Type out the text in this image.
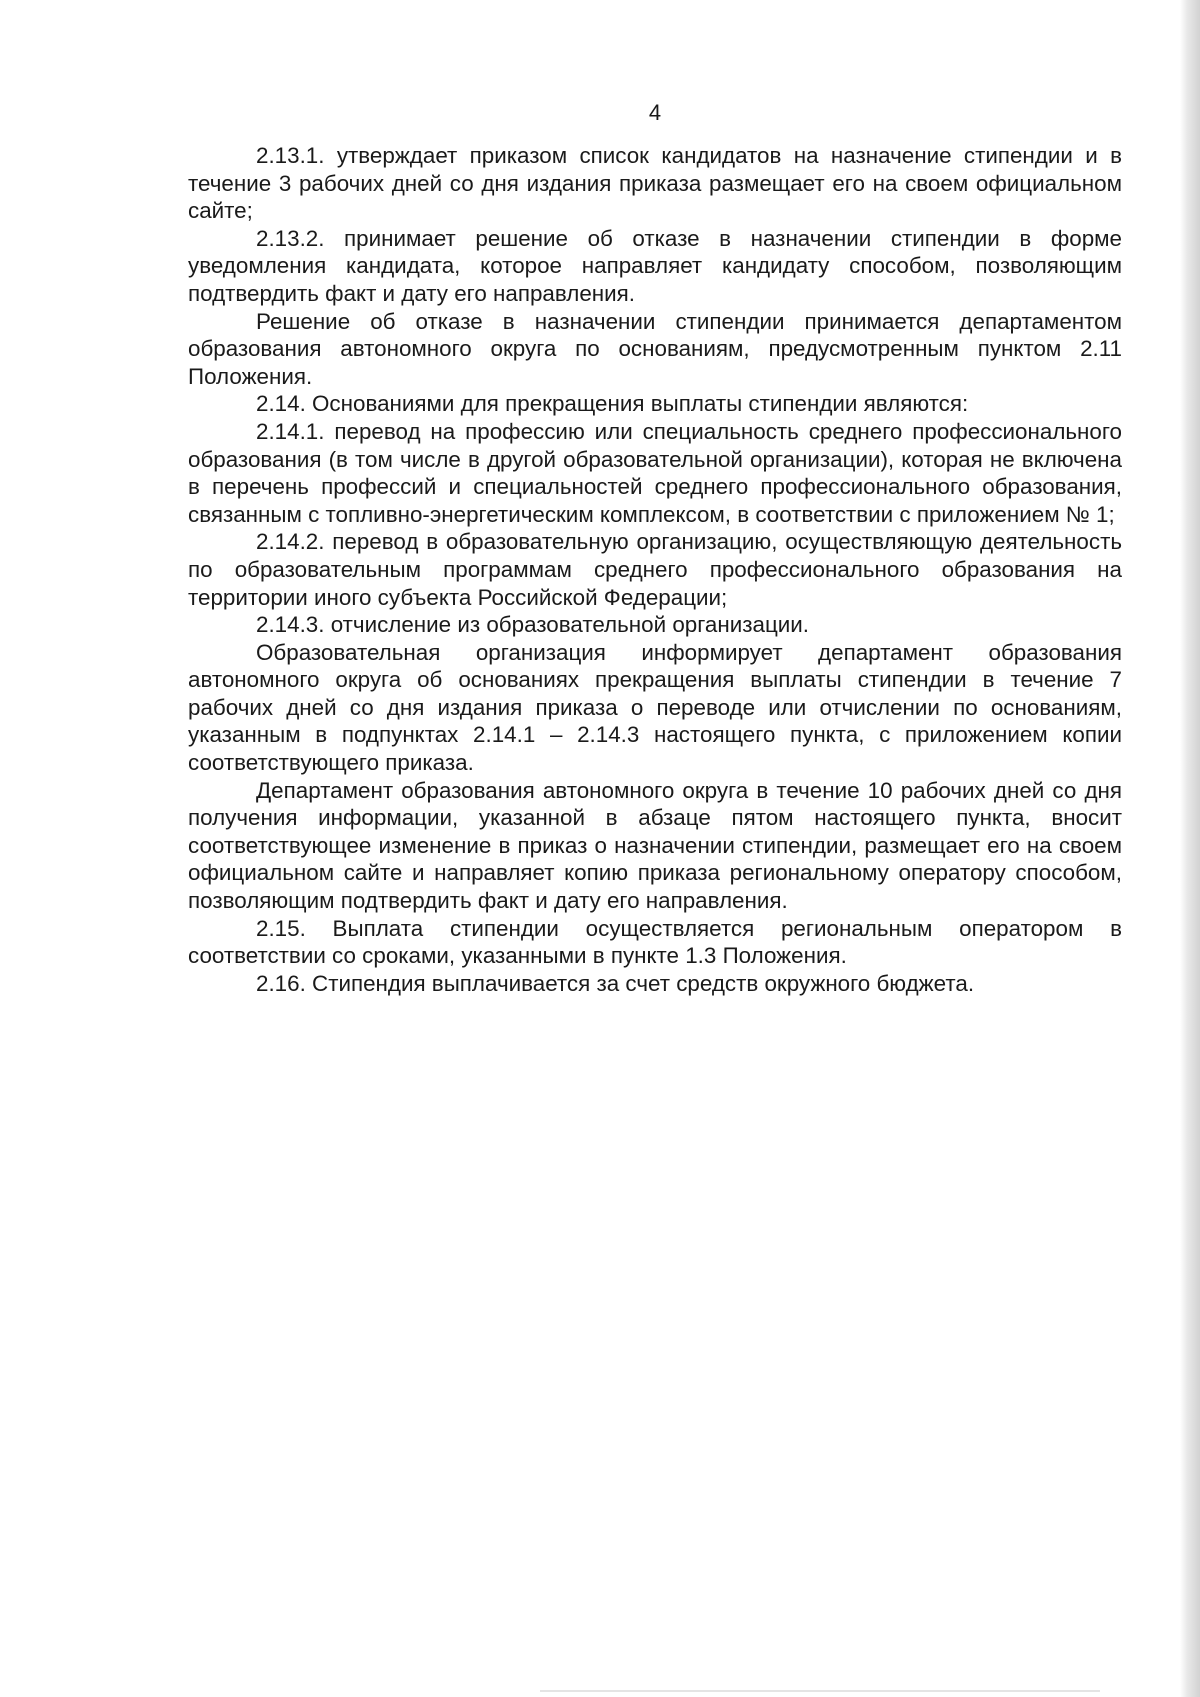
4

2.13.1. утверждает приказом список кандидатов на назначение стипендии и в течение 3 рабочих дней со дня издания приказа размещает его на своем официальном сайте;

2.13.2. принимает решение об отказе в назначении стипендии в форме уведомления кандидата, которое направляет кандидату способом, позволяющим подтвердить факт и дату его направления.

Решение об отказе в назначении стипендии принимается департаментом образования автономного округа по основаниям, предусмотренным пунктом 2.11 Положения.

2.14. Основаниями для прекращения выплаты стипендии являются:

2.14.1. перевод на профессию или специальность среднего профессионального образования (в том числе в другой образовательной организации), которая не включена в перечень профессий и специальностей среднего профессионального образования, связанным с топливно-энергетическим комплексом, в соответствии с приложением № 1;

2.14.2. перевод в образовательную организацию, осуществляющую деятельность по образовательным программам среднего профессионального образования на территории иного субъекта Российской Федерации;

2.14.3. отчисление из образовательной организации.

Образовательная организация информирует департамент образования автономного округа об основаниях прекращения выплаты стипендии в течение 7 рабочих дней со дня издания приказа о переводе или отчислении по основаниям, указанным в подпунктах 2.14.1 – 2.14.3 настоящего пункта, с приложением копии соответствующего приказа.

Департамент образования автономного округа в течение 10 рабочих дней со дня получения информации, указанной в абзаце пятом настоящего пункта, вносит соответствующее изменение в приказ о назначении стипендии, размещает его на своем официальном сайте и направляет копию приказа региональному оператору способом, позволяющим подтвердить факт и дату его направления.

2.15. Выплата стипендии осуществляется региональным оператором в соответствии со сроками, указанными в пункте 1.3 Положения.

2.16. Стипендия выплачивается за счет средств окружного бюджета.
